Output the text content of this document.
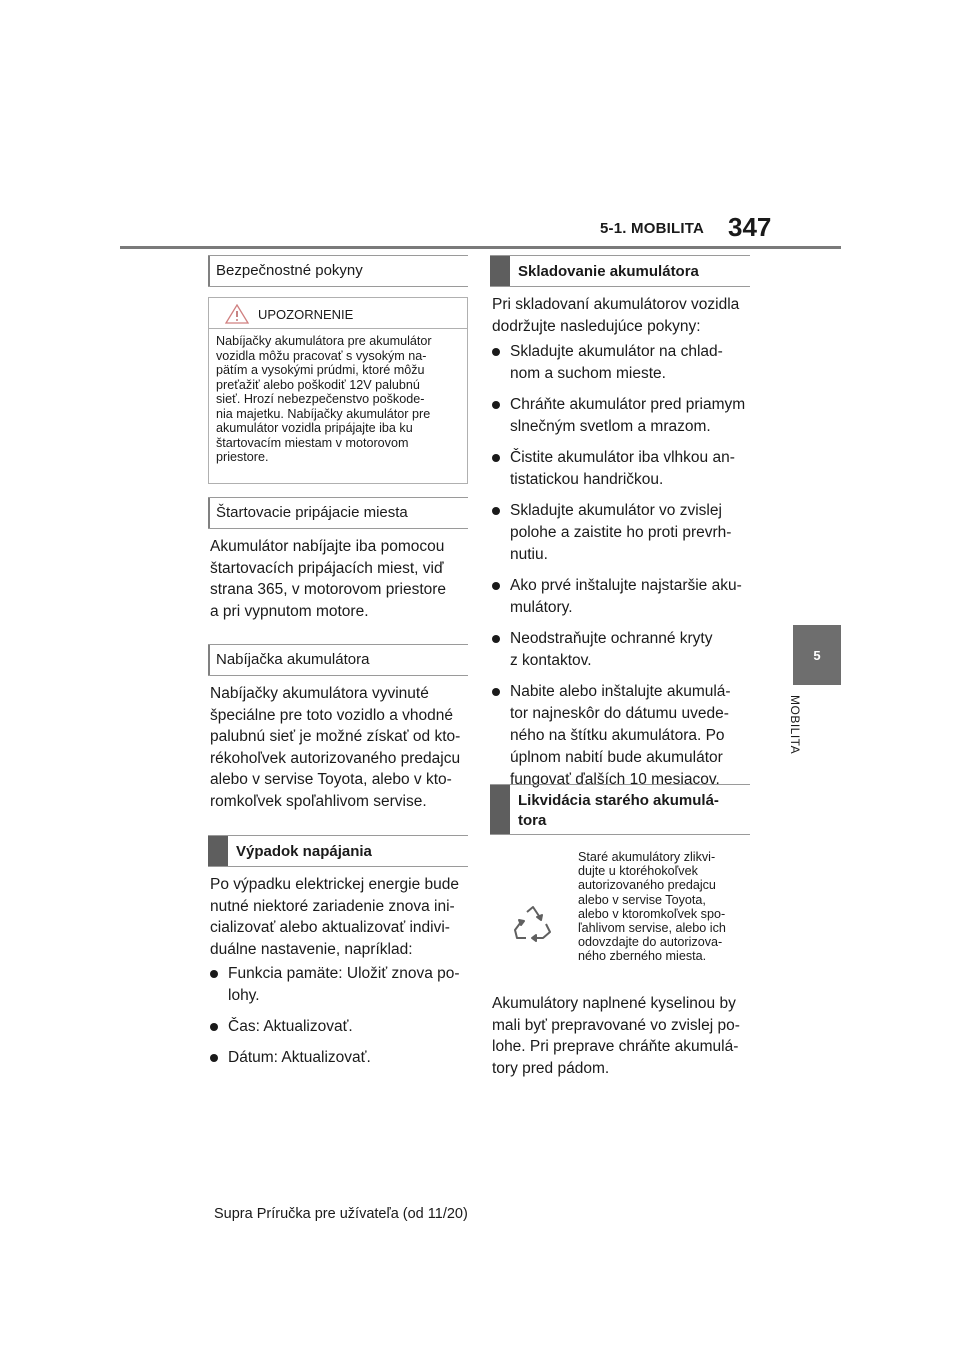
5-1. MOBILITA 347
5
MOBILITA
Bezpečnostné pokyny
UPOZORNENIE
Nabíjačky akumulátora pre akumulátor
vozidla môžu pracovať s vysokým na-
pätím a vysokými prúdmi, ktoré môžu
preťažiť alebo poškodiť 12V palubnú
sieť. Hrozí nebezpečenstvo poškode-
nia majetku. Nabíjačky akumulátor pre
akumulátor vozidla pripájajte iba ku
štartovacím miestam v motorovom
priestore.
Štartovacie pripájacie miesta
Akumulátor nabíjajte iba pomocou
štartovacích pripájacích miest, viď
strana 365, v motorovom priestore
a pri vypnutom motore.
Nabíjačka akumulátora
Nabíjačky akumulátora vyvinuté
špeciálne pre toto vozidlo a vhodné
palubnú sieť je možné získať od kto-
rékohoľvek autorizovaného predajcu
alebo v servise Toyota, alebo v kto-
romkoľvek spoľahlivom servise.
Výpadok napájania
Po výpadku elektrickej energie bude
nutné niektoré zariadenie znova ini-
cializovať alebo aktualizovať indivi-
duálne nastavenie, napríklad:
Funkcia pamäte: Uložiť znova po-
lohy.
Čas: Aktualizovať.
Dátum: Aktualizovať.
Skladovanie akumulátora
Pri skladovaní akumulátorov vozidla
dodržujte nasledujúce pokyny:
Skladujte akumulátor na chlad-
nom a suchom mieste.
Chráňte akumulátor pred priamym
slnečným svetlom a mrazom.
Čistite akumulátor iba vlhkou an-
tistatickou handričkou.
Skladujte akumulátor vo zvislej
polohe a zaistite ho proti prevrh-
nutiu.
Ako prvé inštalujte najstaršie aku-
mulátory.
Neodstraňujte ochranné kryty
z kontaktov.
Nabite alebo inštalujte akumulá-
tor najneskôr do dátumu uvede-
ného na štítku akumulátora. Po
úplnom nabití bude akumulátor
fungovať ďalších 10 mesiacov.
Likvidácia starého akumulá-
tora
Staré akumulátory zlikvi-
dujte u ktoréhokoľvek
autorizovaného predajcu
alebo v servise Toyota,
alebo v ktoromkoľvek spo-
ľahlivom servise, alebo ich
odovzdajte do autorizova-
ného zberného miesta.
Akumulátory naplnené kyselinou by
mali byť prepravované vo zvislej po-
lohe. Pri preprave chráňte akumulá-
tory pred pádom.
Supra Príručka pre užívateľa (od 11/20)
